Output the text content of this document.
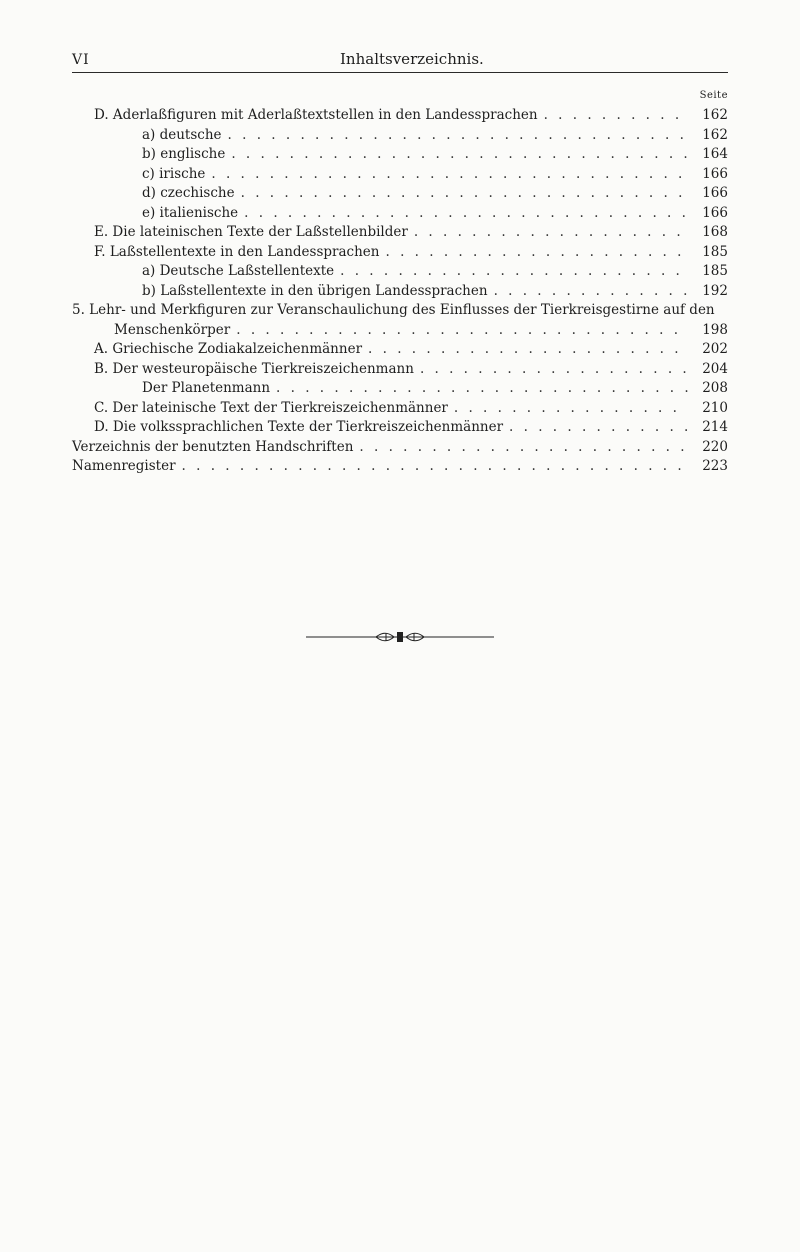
VI	Inhaltsverzeichnis.
Seite
D. Aderlaßfiguren mit Aderlaßtextstellen in den Landessprachen . . .	162
a) deutsche . . .	162
b) englische . . .	164
c) irische . . .	166
d) czechische . . .	166
e) italienische . . .	166
E. Die lateinischen Texte der Laßstellenbilder . . .	168
F. Laßstellentexte in den Landessprachen . . .	185
a) Deutsche Laßstellentexte . . .	185
b) Laßstellentexte in den übrigen Landessprachen . . .	192
5. Lehr- und Merkfiguren zur Veranschaulichung des Einflusses der Tierkreisgestirne auf den
Menschenkörper . . .	198
A. Griechische Zodiakalzeichenmänner . . .	202
B. Der westeuropäische Tierkreiszeichenmann . . .	204
Der Planetenmann . . .	208
C. Der lateinische Text der Tierkreiszeichenmänner . . .	210
D. Die volkssprachlichen Texte der Tierkreiszeichenmänner . . .	214
Verzeichnis der benutzten Handschriften . . .	220
Namenregister . . .	223
